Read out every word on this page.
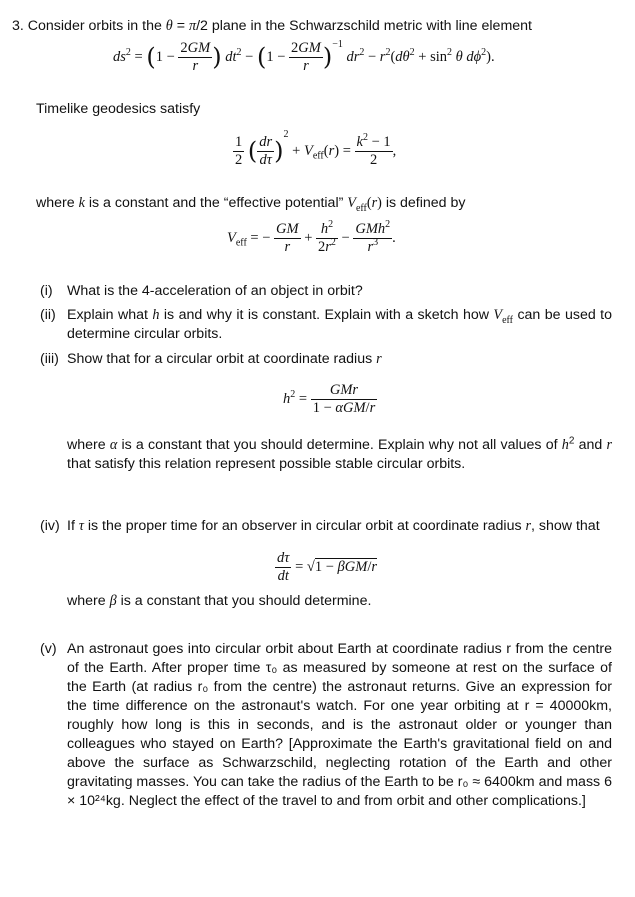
3. Consider orbits in the θ = π/2 plane in the Schwarzschild metric with line element
$ds^2 = (1 - \frac{2GM}{r}$ ) $dt^2 - (1 - \frac{2GM}{r} )^{-1}$ $dr^2 - r^2(d\theta^2 + \sin^2 \theta$ $d\phi^2$).
Timelike geodesics satisfy
$\frac{1}{2}$ ( $\frac{dr}{d\tau} )^2 + V_{eff}(r) = \frac{k^2 - 1}{2}$ ,
where k is a constant and the “effective potential” $V_{eff}(r)$ is defined by
$V_{eff}$ = − $\frac{GM}{r} + \frac{h^2}{2r^2} - \frac{GMh^2}{r^3}$ .
(i) What is the 4-acceleration of an object in orbit?
(ii) Explain what h is and why it is constant. Explain with a sketch how $V_{eff}$ can be used to determine circular orbits.
(iii) Show that for a circular orbit at coordinate radius r
$h^2 = \frac{\text{GMr}}{\text{1 − αGM/r}}$
where α is a constant that you should determine. Explain why not all values of $h^2$ and r that satisfy this relation represent possible stable circular orbits.
(iv) If τ is the proper time for an observer in circular orbit at coordinate radius r, show that
$\frac{d\tau}{dt} = √1 - \beta GM/r$
where β is a constant that you should determine.
(v) An astronaut goes into circular orbit about Earth at coordinate radius r from the centre of the Earth. After proper time τ₀ as measured by someone at rest on the surface of the Earth (at radius r₀ from the centre) the astronaut returns. Give an expression for the time difference on the astronaut's watch. For one year orbiting at r = 40000km, roughly how long is this in seconds, and is the astronaut older or younger than colleagues who stayed on Earth? [Approximate the Earth's gravitational field on and above the surface as Schwarzschild, neglecting rotation of the Earth and other gravitating masses. You can take the radius of the Earth to be r₀ ≈ 6400km and mass 6 × 10²⁴kg. Neglect the effect of the travel to and from orbit and other complications.]
